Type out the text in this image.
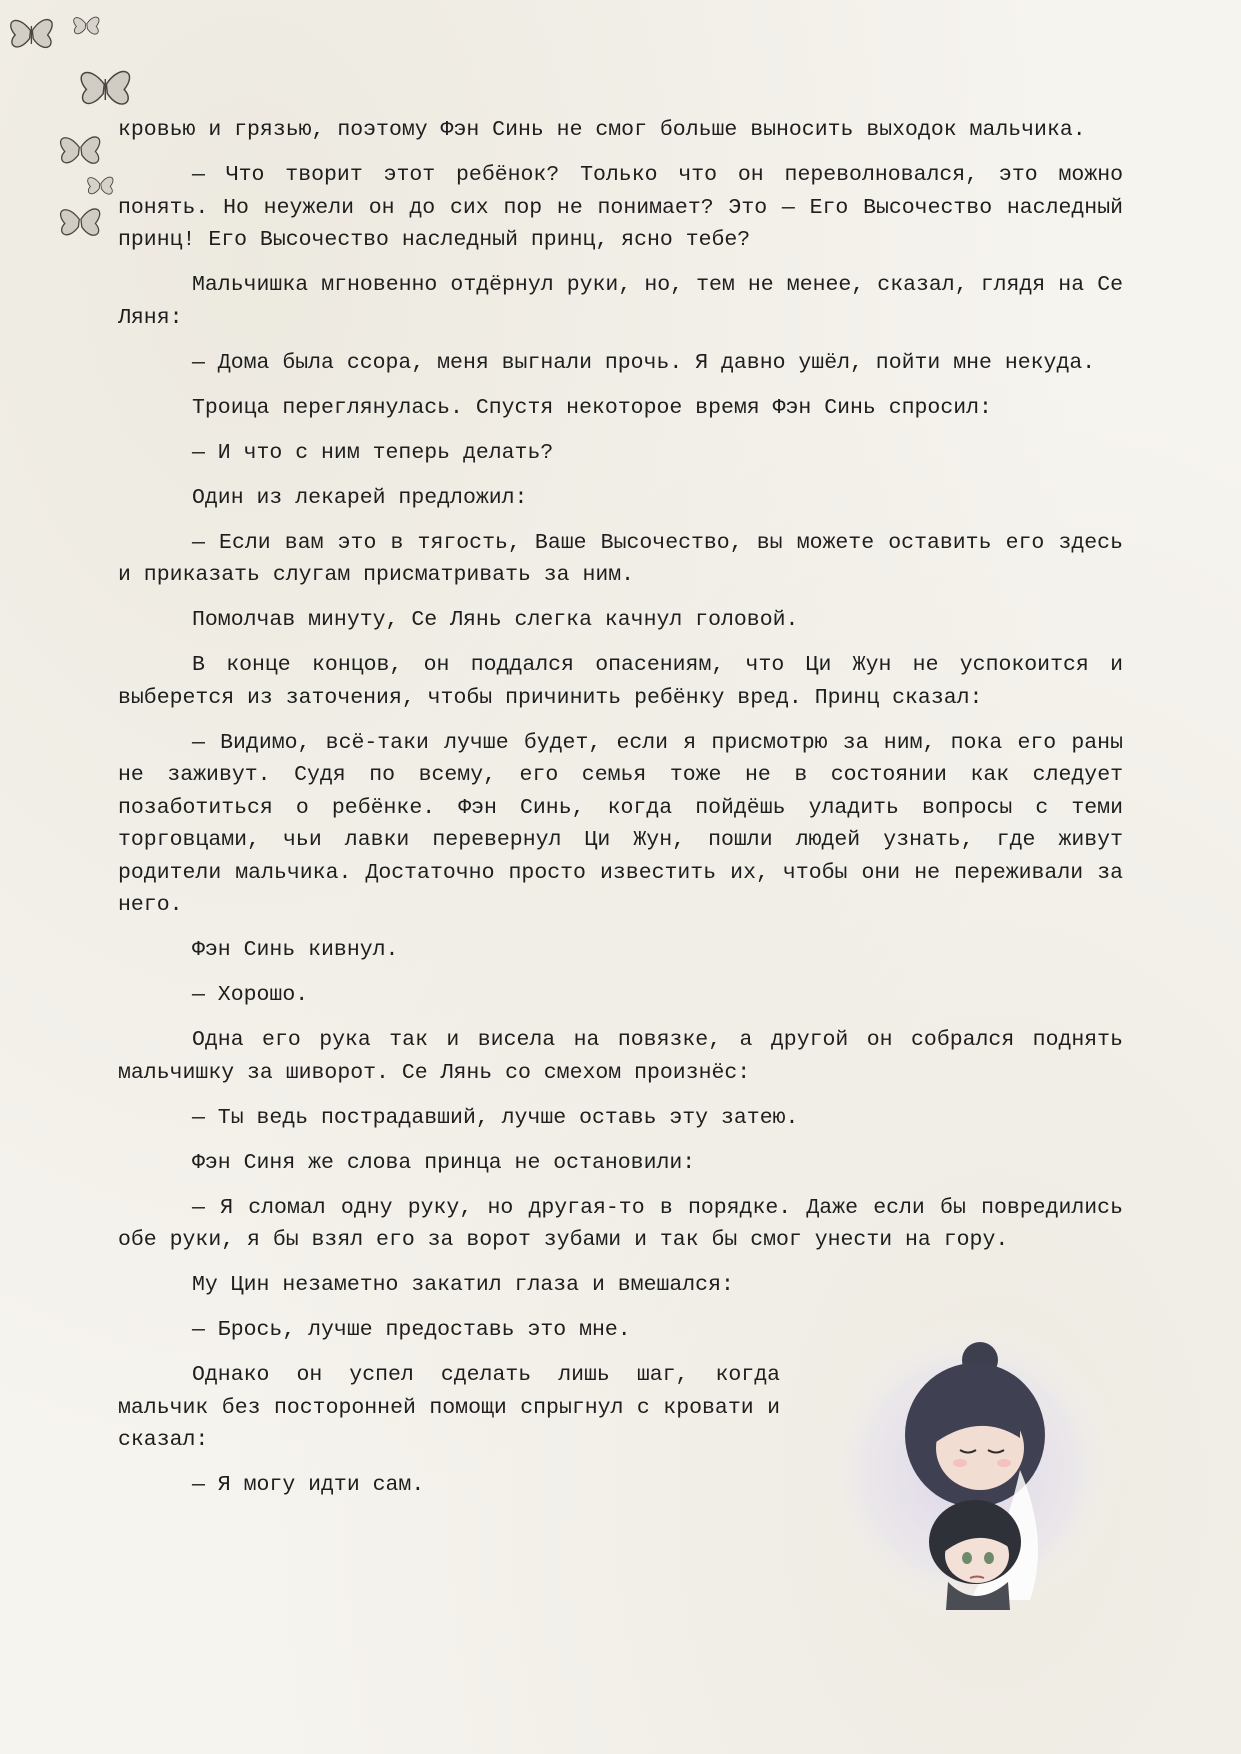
кровью и грязью, поэтому Фэн Синь не смог больше выносить выходок мальчика.

— Что творит этот ребёнок? Только что он переволновался, это можно понять. Но неужели он до сих пор не понимает? Это — Его Высочество наследный принц! Его Высочество наследный принц, ясно тебе?

Мальчишка мгновенно отдёрнул руки, но, тем не менее, сказал, глядя на Се Ляня:

— Дома была ссора, меня выгнали прочь. Я давно ушёл, пойти мне некуда.

Троица переглянулась. Спустя некоторое время Фэн Синь спросил:

— И что с ним теперь делать?

Один из лекарей предложил:

— Если вам это в тягость, Ваше Высочество, вы можете оставить его здесь и приказать слугам присматривать за ним.

Помолчав минуту, Се Лянь слегка качнул головой.

В конце концов, он поддался опасениям, что Ци Жун не успокоится и выберется из заточения, чтобы причинить ребёнку вред. Принц сказал:

— Видимо, всё-таки лучше будет, если я присмотрю за ним, пока его раны не заживут. Судя по всему, его семья тоже не в состоянии как следует позаботиться о ребёнке. Фэн Синь, когда пойдёшь уладить вопросы с теми торговцами, чьи лавки перевернул Ци Жун, пошли людей узнать, где живут родители мальчика. Достаточно просто известить их, чтобы они не переживали за него.

Фэн Синь кивнул.

— Хорошо.

Одна его рука так и висела на повязке, а другой он собрался поднять мальчишку за шиворот. Се Лянь со смехом произнёс:

— Ты ведь пострадавший, лучше оставь эту затею.

Фэн Синя же слова принца не остановили:

— Я сломал одну руку, но другая-то в порядке. Даже если бы повредились обе руки, я бы взял его за ворот зубами и так бы смог унести на гору.

Му Цин незаметно закатил глаза и вмешался:

— Брось, лучше предоставь это мне.

Однако он успел сделать лишь шаг, когда мальчик без посторонней помощи спрыгнул с кровати и сказал:

— Я могу идти сам.
